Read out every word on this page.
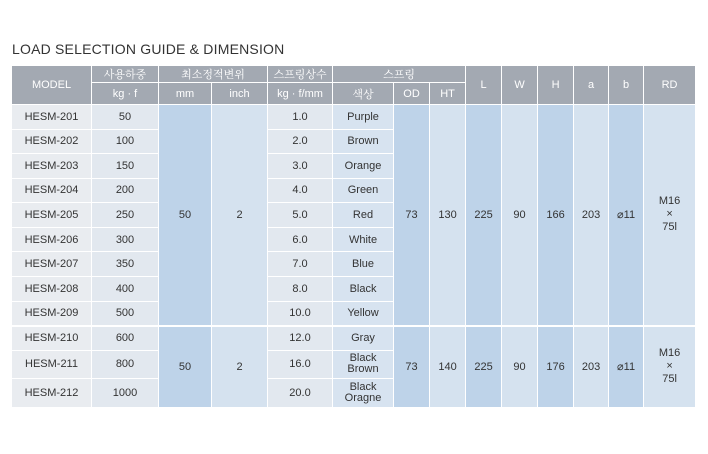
LOAD SELECTION GUIDE & DIMENSION
MODEL	사용하중	최소정적변위		스프링상수	스프링			L	W	H	a	b	RD
	kg · f	mm	inch	kg · f/mm	색상	OD	HT						
HESM-201	50	50	2	1.0	Purple	73	130	225	90	166	203	⌀11	M16
×
75l
HESM-202	100			2.0	Brown								
HESM-203	150			3.0	Orange								
HESM-204	200			4.0	Green								
HESM-205	250			5.0	Red								
HESM-206	300			6.0	White								
HESM-207	350			7.0	Blue								
HESM-208	400			8.0	Black								
HESM-209	500			10.0	Yellow								
HESM-210	600	50	2	12.0	Gray	73	140	225	90	176	203	⌀11	M16
×
75l
HESM-211	800			16.0	Black
Brown								
HESM-212	1000			20.0	Black
Oragne								
